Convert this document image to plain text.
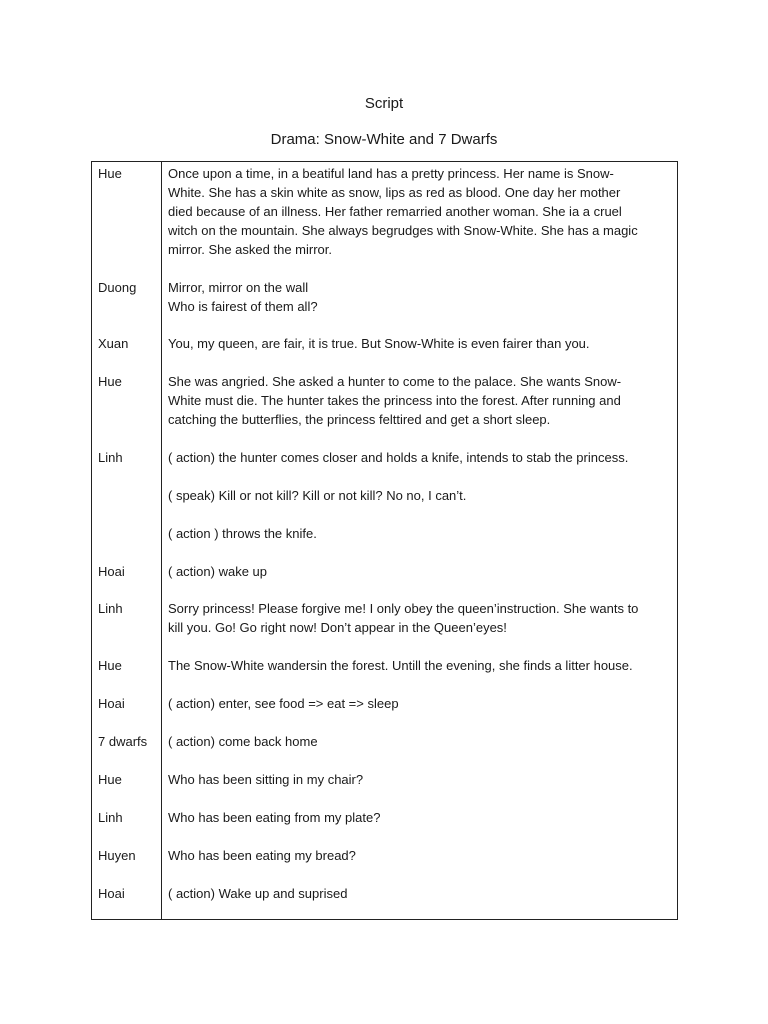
Script
Drama: Snow-White and 7 Dwarfs
Hue	Once upon a time, in a beatiful land has a pretty princess. Her name is Snow-
White. She has a skin white as snow, lips as red as blood. One day her mother
died because of an illness. Her father remarried another woman. She ia a cruel
witch on the mountain. She always begrudges with Snow-White. She has a magic
mirror. She asked the mirror.
Duong	Mirror, mirror on the wall
Who is fairest of them all?
Xuan	You, my queen, are fair, it is true. But Snow-White is even fairer than you.
Hue	She was angried. She asked a hunter to come to the palace. She wants Snow-
White must die. The hunter takes the princess into the forest. After running and
catching the butterflies, the princess felttired and get a short sleep.
Linh	( action) the hunter comes closer and holds a knife, intends to stab the princess.
( speak) Kill or not kill? Kill or not kill? No no, I can’t.
( action ) throws the knife.
Hoai	( action) wake up
Linh	Sorry princess! Please forgive me! I only obey the queen’instruction. She wants to
kill you. Go! Go right now! Don’t appear in the Queen’eyes!
Hue	The Snow-White wandersin the forest. Untill the evening, she finds a litter house.
Hoai	( action) enter, see food => eat => sleep
7 dwarfs	( action) come back home
Hue	Who has been sitting in my chair?
Linh	Who has been eating from my plate?
Huyen	Who has been eating my bread?
Hoai	( action) Wake up and suprised
